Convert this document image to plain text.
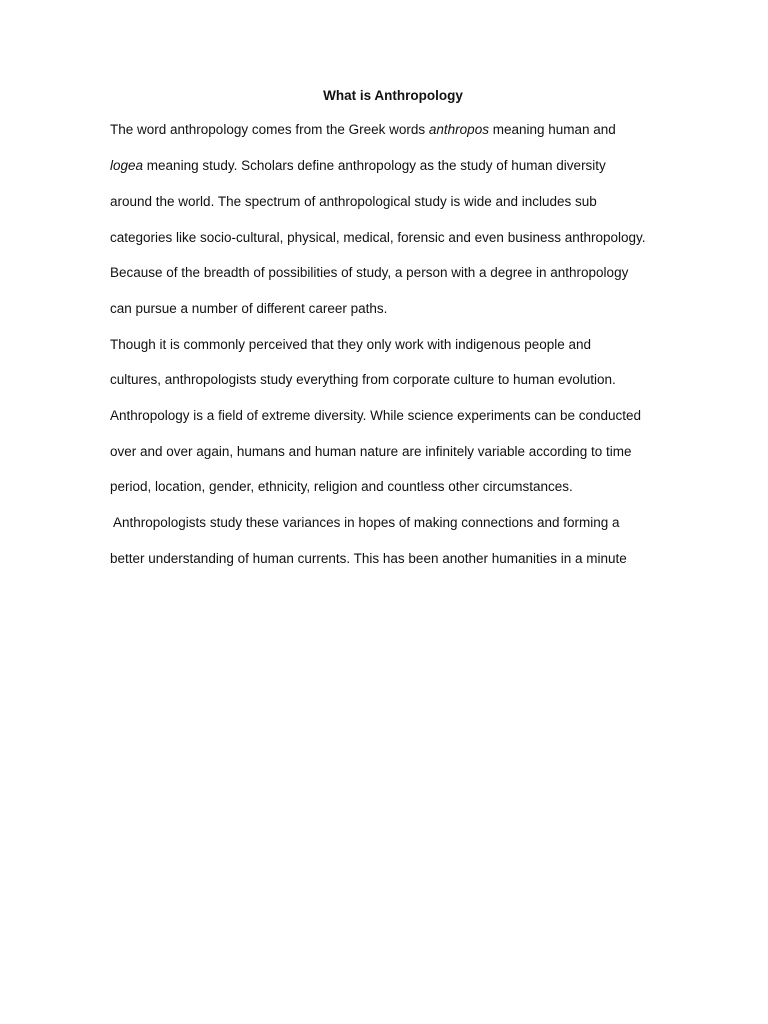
What is Anthropology
The word anthropology comes from the Greek words anthropos meaning human and
logea meaning study. Scholars define anthropology as the study of human diversity
around the world. The spectrum of anthropological study is wide and includes sub
categories like socio-cultural, physical, medical, forensic and even business anthropology.
Because of the breadth of possibilities of study, a person with a degree in anthropology
can pursue a number of different career paths.
Though it is commonly perceived that they only work with indigenous people and
cultures, anthropologists study everything from corporate culture to human evolution.
Anthropology is a field of extreme diversity. While science experiments can be conducted
over and over again, humans and human nature are infinitely variable according to time
period, location, gender, ethnicity, religion and countless other circumstances.
Anthropologists study these variances in hopes of making connections and forming a
better understanding of human currents. This has been another humanities in a minute
